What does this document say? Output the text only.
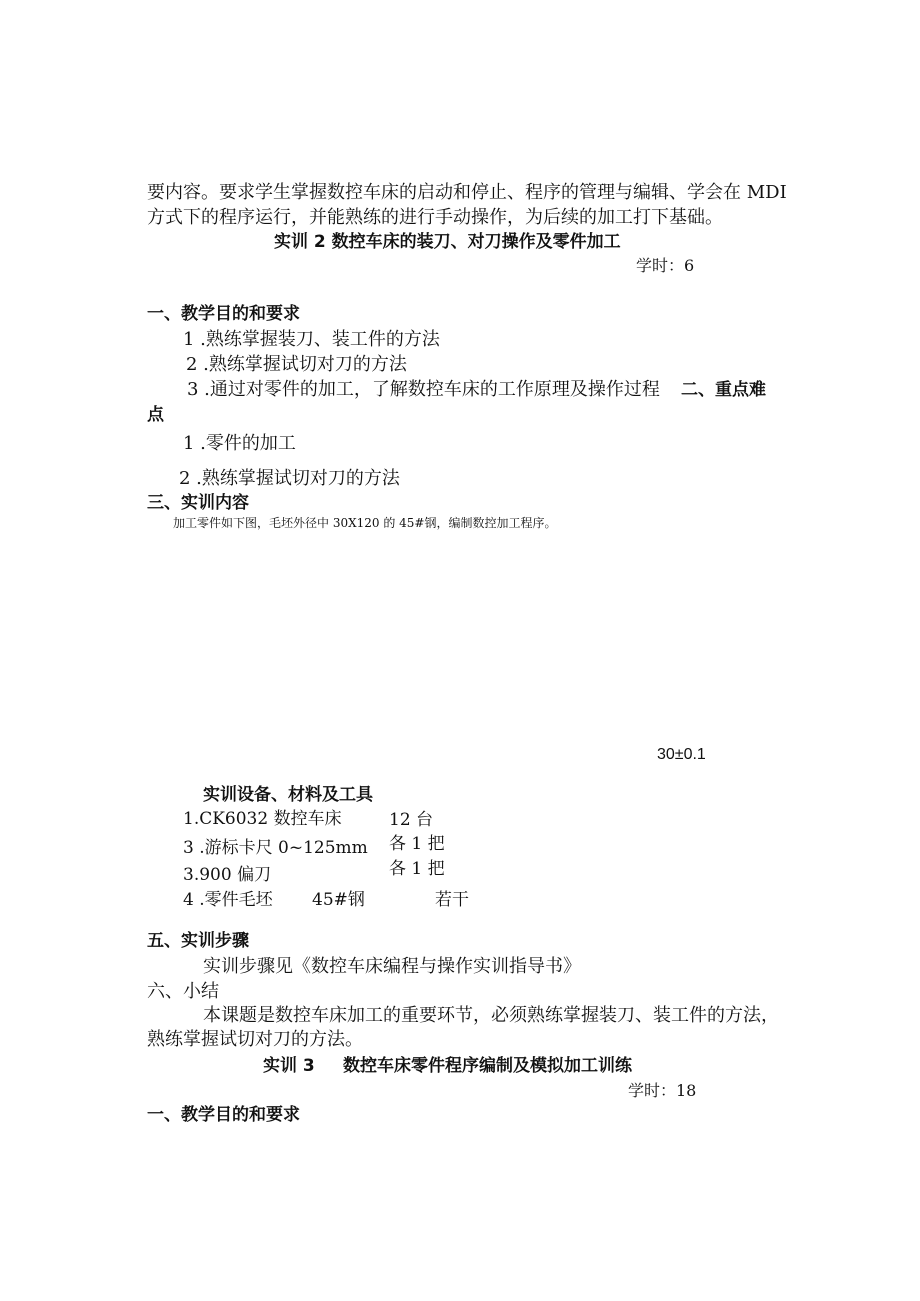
要内容。要求学生掌握数控车床的启动和停止、程序的管理与编辑、学会在 MDI
方式下的程序运行，并能熟练的进行手动操作，为后续的加工打下基础。
实训 2 数控车床的装刀、对刀操作及零件加工
学时：6
一、教学目的和要求
1 .熟练掌握装刀、装工件的方法
2 .熟练掌握试切对刀的方法
3 .通过对零件的加工，了解数控车床的工作原理及操作过程 二、重点难
点
1 .零件的加工
2 .熟练掌握试切对刀的方法
三、实训内容
加工零件如下图，毛坯外径中 30X120 的 45#钢，编制数控加工程序。
30±0.1
实训设备、材料及工具
1.CK6032 数控车床	12 台
3 .游标卡尺 0~125mm 各 1 把
3.900 偏刀	各 1 把
4 .零件毛坯 45#钢	若干
五、实训步骤
实训步骤见《数控车床编程与操作实训指导书》
六、小结
本课题是数控车床加工的重要环节，必须熟练掌握装刀、装工件的方法，
熟练掌握试切对刀的方法。
实训 3 数控车床零件程序编制及模拟加工训练
学时：18
一、教学目的和要求
